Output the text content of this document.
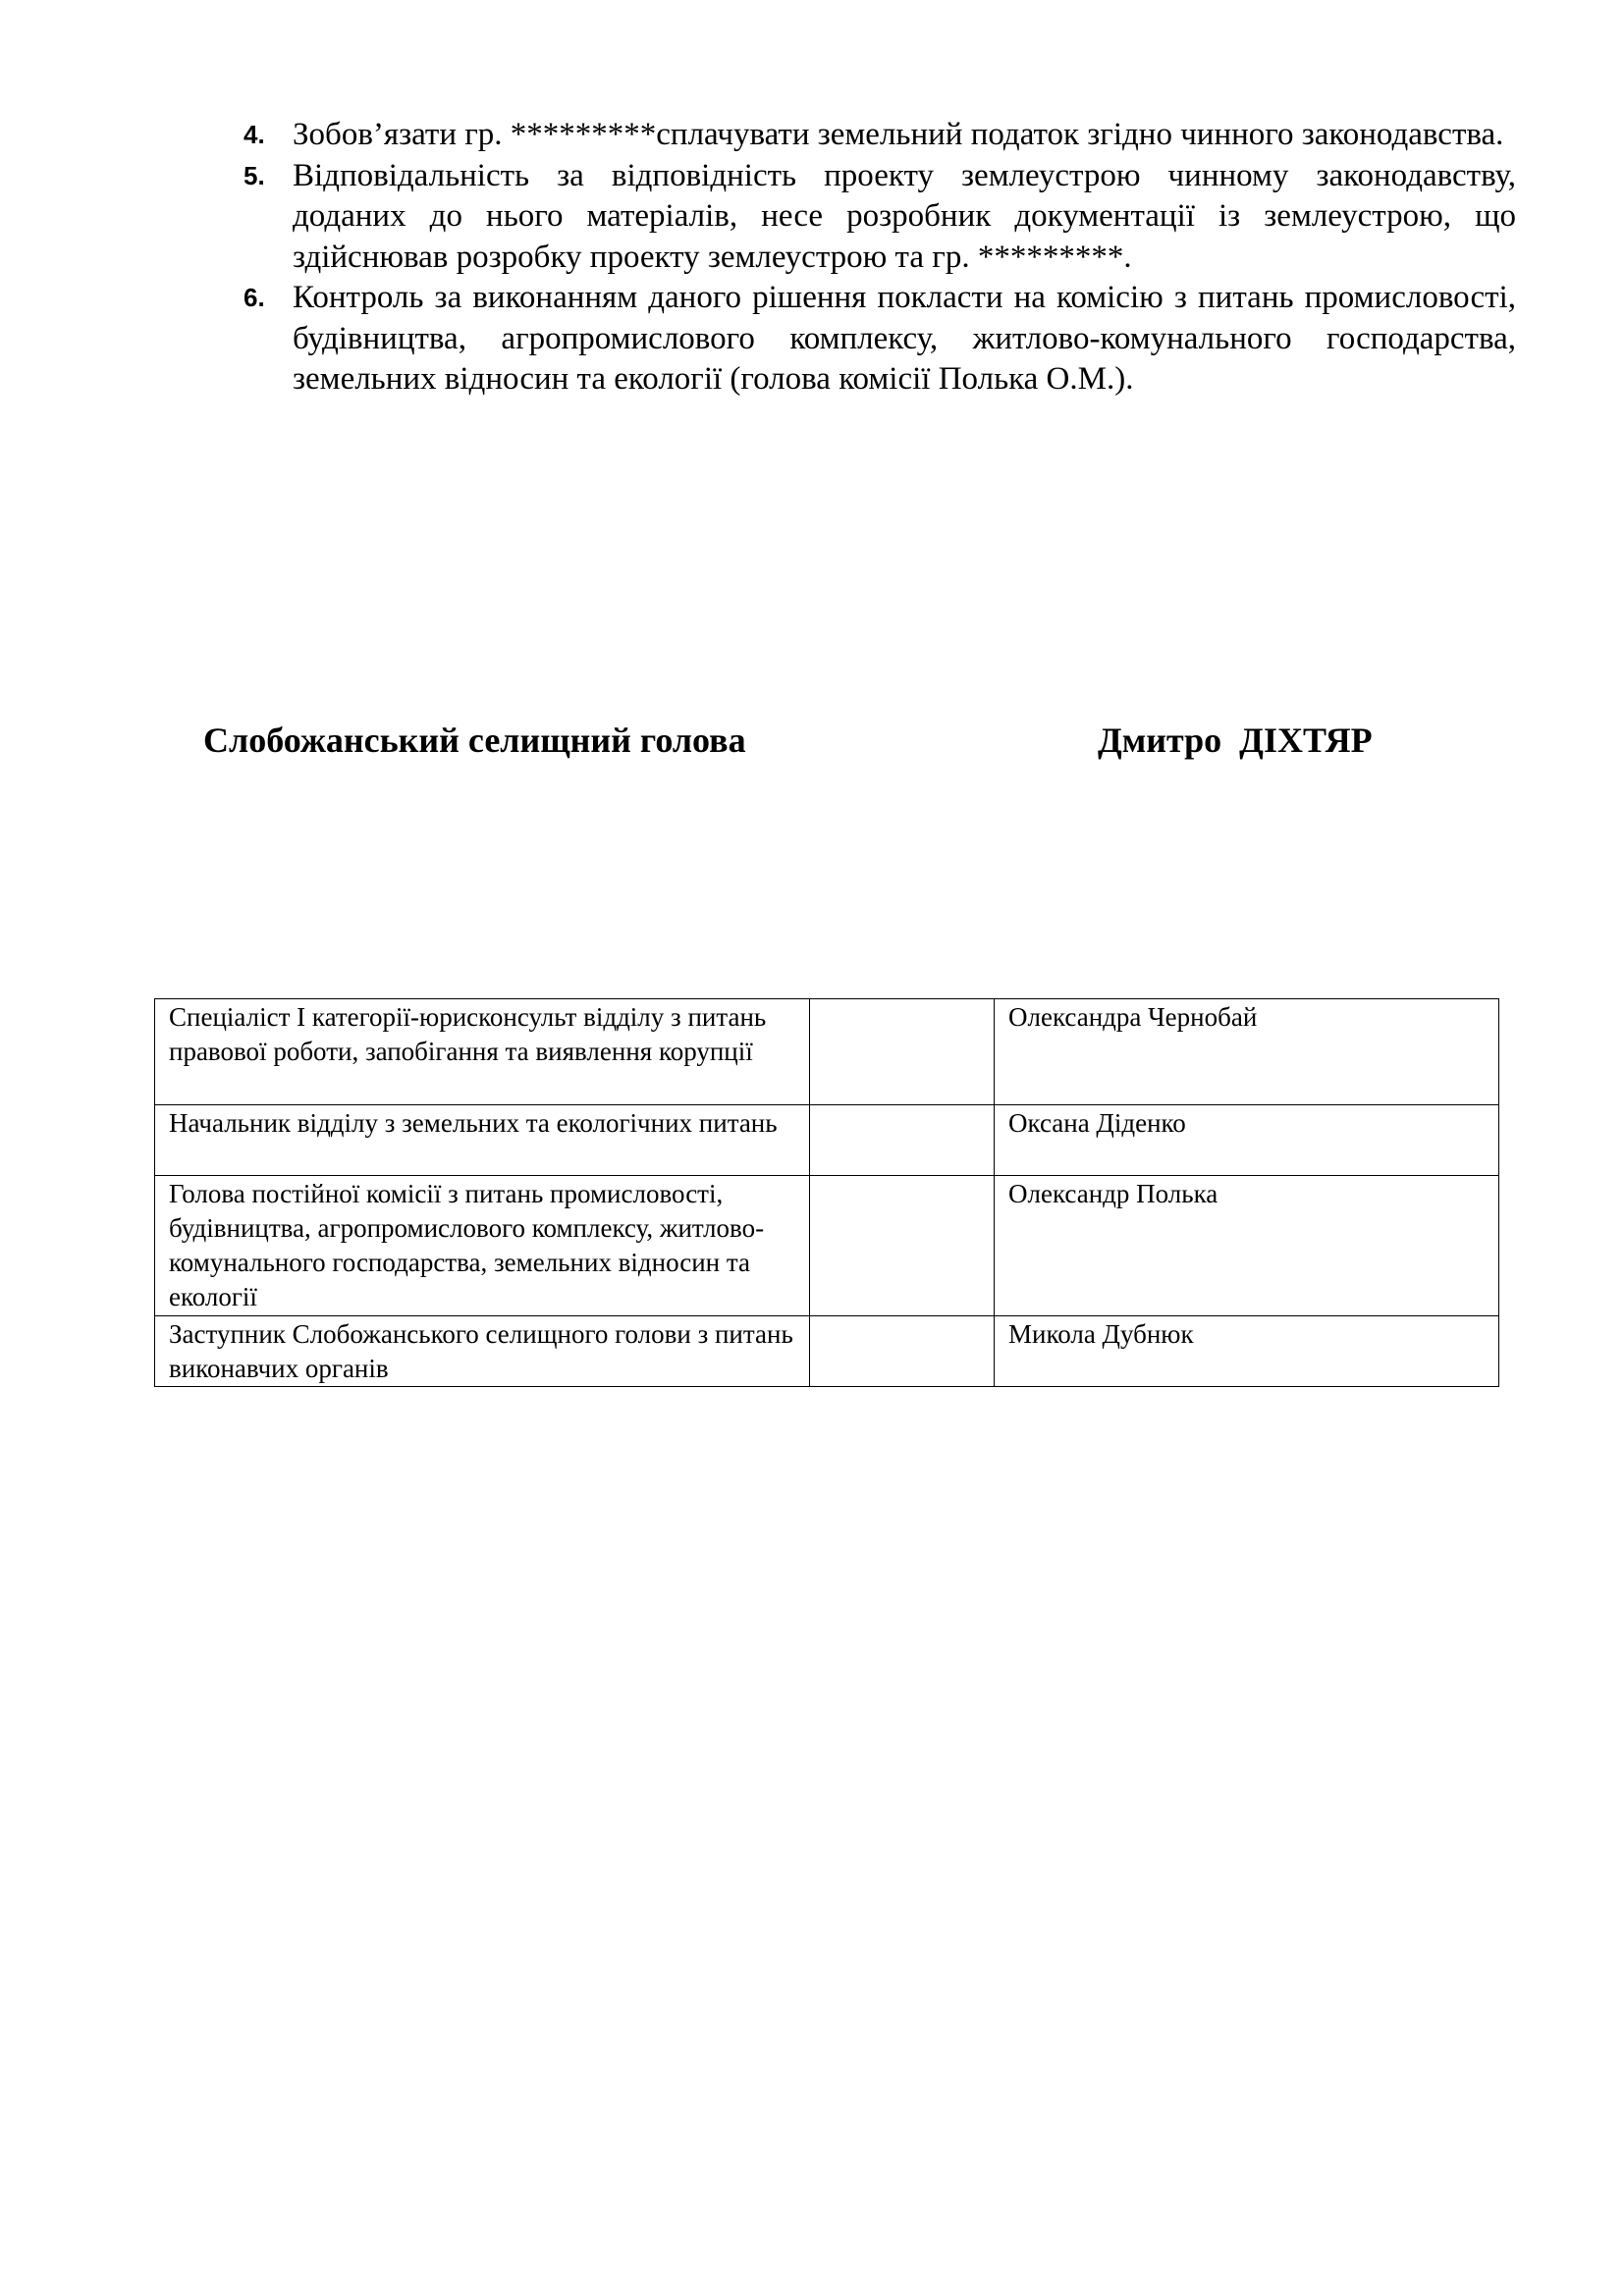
4. Зобов’язати гр. *********сплачувати земельний податок згідно чинного законодавства.
5. Відповідальність за відповідність проекту землеустрою чинному законодавству, доданих до нього матеріалів, несе розробник документації із землеустрою, що здійснював розробку проекту землеустрою та гр. *********.
6. Контроль за виконанням даного рішення покласти на комісію з питань промисловості, будівництва, агропромислового комплексу, житлово-комунального господарства, земельних відносин та екології (голова комісії Полька О.М.).
Слобожанський селищний голова	Дмитро  ДІХТЯР
Спеціаліст І категорії-юрисконсульт відділу з питань правової роботи, запобігання та виявлення корупції		Олександра Чернобай
Начальник відділу з земельних та екологічних питань		Оксана Діденко
Голова постійної комісії з питань промисловості, будівництва, агропромислового комплексу, житлово-комунального господарства, земельних відносин та екології		Олександр Полька
Заступник Слобожанського селищного голови з питань виконавчих органів		Микола Дубнюк
